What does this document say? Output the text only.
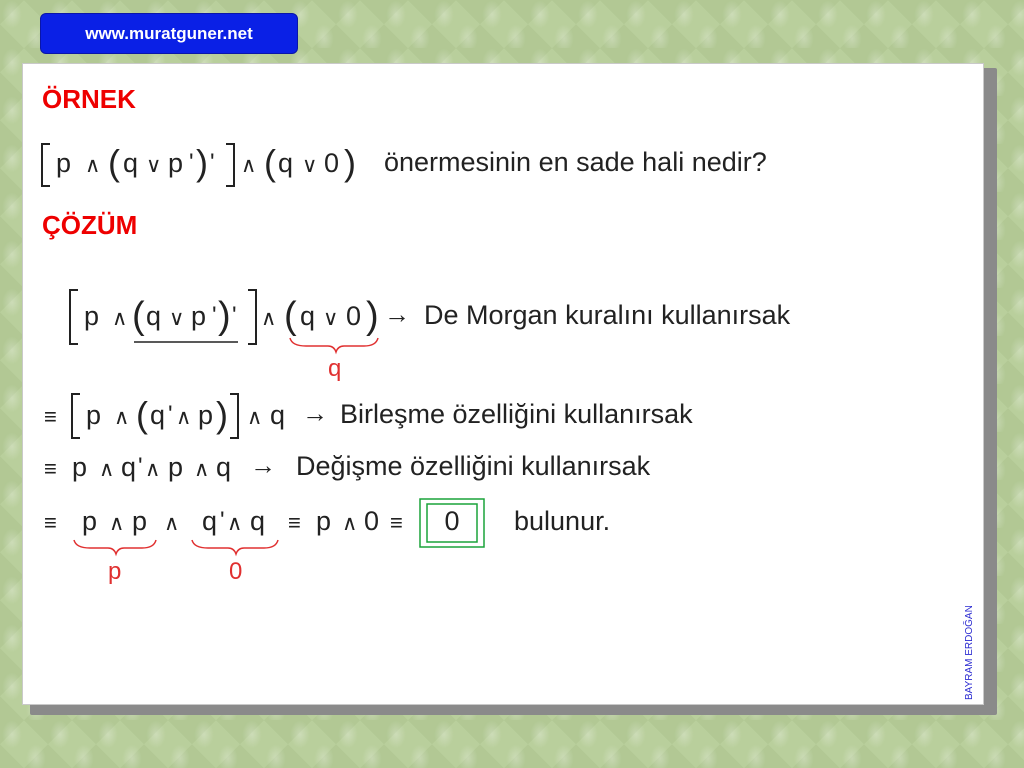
www.muratguner.net
ÖRNEK
p ∧ ( q ∨ p ' ) ' ∧ ( q ∨ 0 ) önermesinin en sade hali nedir?
ÇÖZÜM
p ∧ ( q ∨ p ' ) ' ∧ ( q ∨ 0 ) →
q
De Morgan kuralını kullanırsak
≡ p ∧ ( q ' ∧ p ) ∧ q → Birleşme özelliğini kullanırsak
≡ p ∧ q ' ∧ p ∧ q → Değişme özelliğini kullanırsak
≡ p ∧ p ∧ q ' ∧ q ≡ p ∧ 0 ≡
p	0
0 bulunur.
